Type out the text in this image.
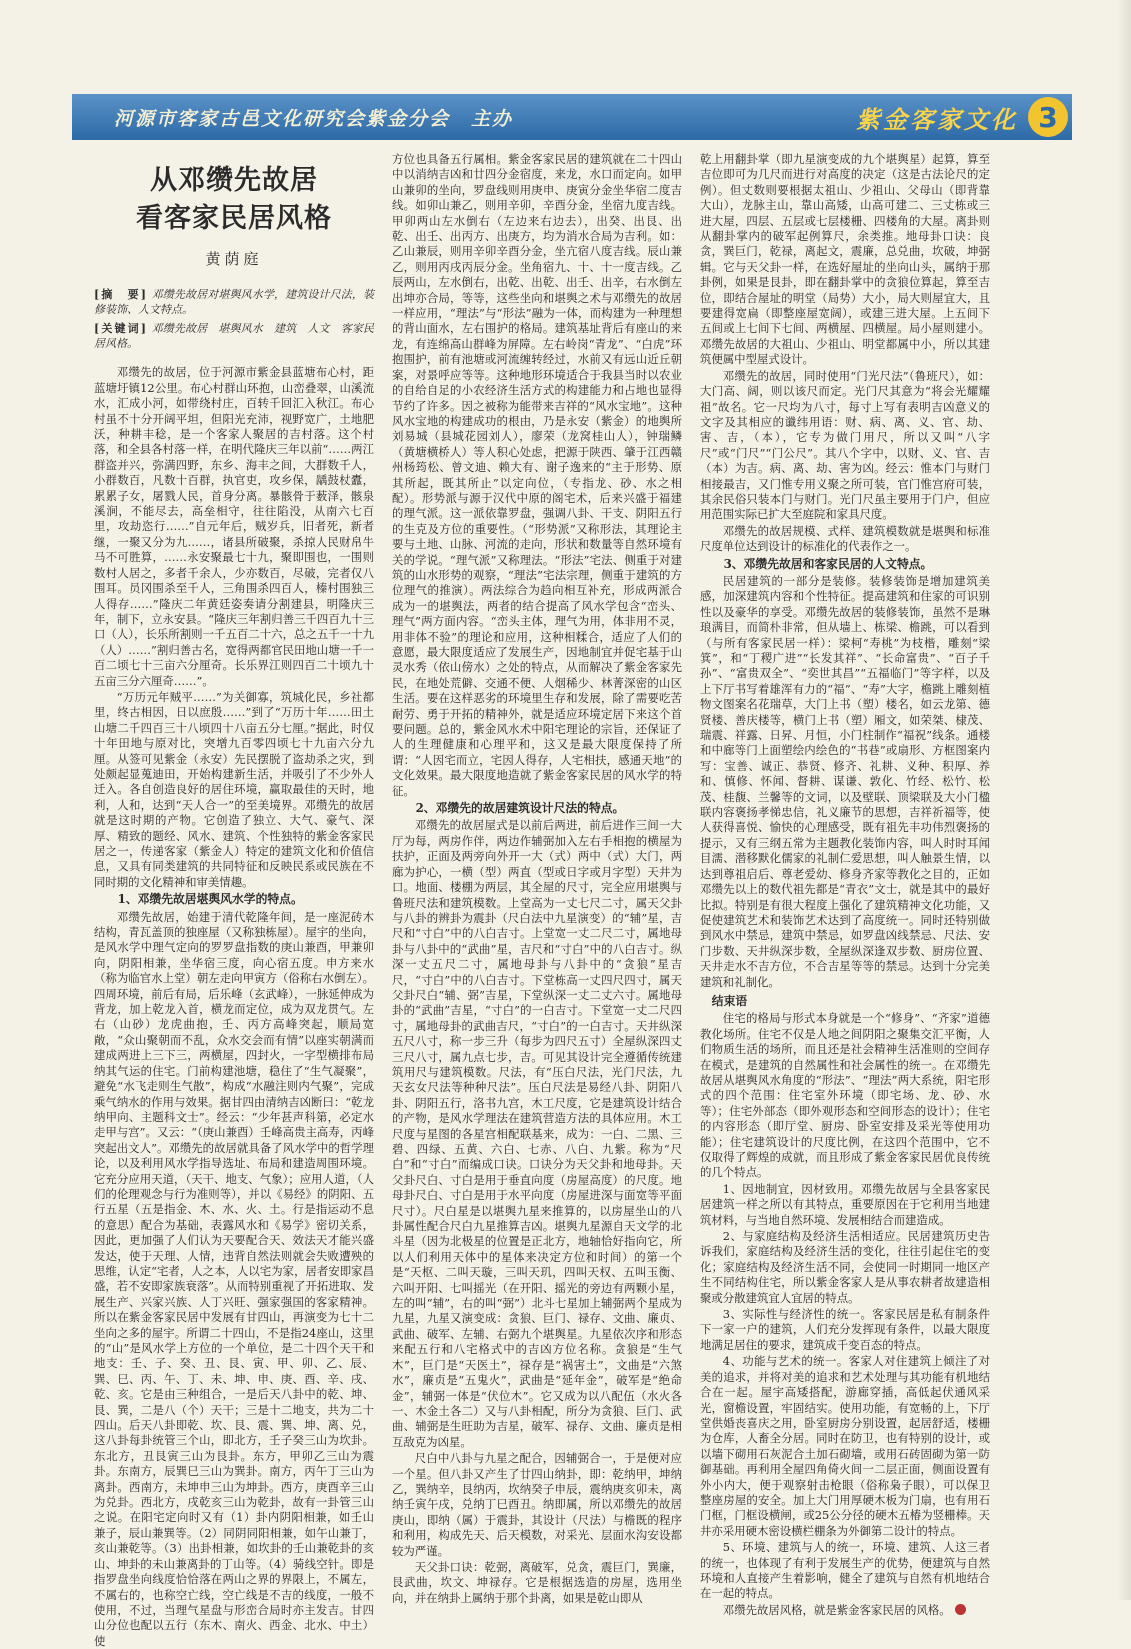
河源市客家古邑文化研究会紫金分会　主办	紫金客家文化 3
从邓缵先故居
看客家民居风格
黄荫庭
[摘　要] 邓缵先故居对堪舆风水学，建筑设计尺法，装修装饰、人文特点。
[关键词] 邓缵先故居　堪舆风水　建筑　人文　客家民居风格。

邓缵先的故居，位于河源市紫金县蓝塘布心村，距蓝塘圩镇12公里。布心村群山环抱，山峦叠翠，山溪流水，汇成小河，如带绕村庄，百转千回汇入秋江。布心村虽不十分开阔平坦，但阳光充沛，视野宽广，土地肥沃，种耕丰稔，是一个客家人聚居的吉村落。这个村落，和全县各村落一样，在明代隆庆三年以前“……两江群盗并兴，弥满四野，东乡、海丰之间，大群数千人，小群数百，凡数十百群，执官吏，攻乡保，龋鼓杖蠹，累累子女，屠戮人民，首身分离。暴骸骨于薮泽，骸泉溪涧，不能尽去，高垒相守，往往陷没，从南六七百里，攻劫恣行……”自元年后，贼岁兵，旧者死，新者继，一聚又分为九……，诸县所破聚，杀掠人民财帛牛马不可胜算，……永安聚最七十九，聚即围也，一围则数村人居之，多者千余人，少亦数百，尽破，完者仅八围耳。员冈围杀至千人，三角围杀四百人，榛村围独三人得存……”隆庆二年黄廷姿奏请分割建县，明隆庆三年，制下，立永安县。“隆庆三年割归善三千四百九十三口（人），长乐所割则一千五百二十六，总之五千一十九（人）……”割归善古名，宽得两都官民田地山塘一千一百二顷七十三亩六分厘奇。长乐界江则四百二十顷九十五亩三分六厘奇……”。

“万历元年贼平……”为关御寡，筑城化民，乡社都里，终古相因，日以庶殷……”到了“万历十年……田土山塘二千四百三十八顷四十八亩五分七厘。”据此，时仅十年田地与原对比，突增九百零四顷七十九亩六分九厘。从签可见紫金（永安）先民摆脱了盗劫杀之灾，到处颇起显蒐迪田，开始构建新生活，并吸引了不少外人迁入。各自创造良好的居住环境，赢取最佳的天时，地利，人和，达到“天人合一”的至美境界。邓缵先的故居就是这时期的产物。它创造了独立、大气、豪气、深厚、精致的题经、风水、建筑、个性独特的紫金客家民居之一，传递客家（紫金人）特定的建筑文化和价值信息，又具有同类建筑的共同特征和反映民系或民族在不同时期的文化精神和审美情趣。

1、邓缵先故居堪舆风水学的特点。

邓缵先故居，始建于清代乾隆年间，是一座泥砖木结构，青瓦盖顶的独座屋（又称独栋屋）。屋宇的坐向，是风水学中理气定向的罗罗盘指数的庚山兼酉，甲兼卯向，阴阳相兼，坐华宿三度，向心宿五度。申方来水（称为临官水上堂）朝左走向甲寅方（俗称右水倒左）。四周环境，前后有局，后乐峰（玄武峰），一脉延伸成为背龙，加上乾龙入首，横龙而定位，成为双龙贯气。左右（山砂）龙虎曲抱，壬、丙方高峰突起，顺局宽敞，“众山聚朝而不乱，众水交会而有情”以座实朝满而建成两进上三下三，两横屋，四封火，一字型横排布局纳其气运的住宅。门前构建池塘，稳住了“生气凝聚”，避免“水飞走则生气散”，构成“水融注则内气聚”，完成乘气纳水的作用与效果。据甘四由清纳吉凶断曰：“乾龙纳甲向、主题科文士”。经云：“少年甚声科第，必定水走甲与宫”。又云：“（庚山兼酉）壬峰高贵主高寿，丙峰突起出文人”。邓缵先的故居就具备了风水学中的哲学理论，以及利用风水学指导选址、布局和建造周围环境。它充分应用天道，（天干、地支、气象）；应用人道，（人们的伦理观念与行为准则等），并以《易经》的阴阳、五行五星（五是指金、木、水、火、土。行是指运动不息的意思）配合为基础，表露风水和《易学》密切关系，因此，更加强了人们认为天要配合天、效法天才能兴盛发达，使于天理、人情，违背自然法则就会失败遭殃的思维，认定“宅者，人之本，人以宅为家，居者安即家昌盛，若不安即家族衰落”。从而特别重视了开拓进取、发展生产、兴家兴族、人丁兴旺、强家强国的客家精神。所以在紫金客家民居中发展有甘四山，再演变为七十二坐向之多的屋宇。所谓二十四山，不是指24座山，这里的“山”是风水学上方位的一个单位，是二十四个天干和地支：壬、子、癸、丑、艮、寅、甲、卯、乙、辰、巽、巳、丙、午、丁、未、坤、申、庚、酉、辛、戌、乾、亥。它是由三种组合，一是后天八卦中的乾、坤、艮、巽，二是八（个）天干；三是十二地支，共为二十四山。后天八卦即乾、坎、艮、震、巽、坤、离、兑，这八卦每卦统管三个山，即北方，壬子癸三山为坎卦。东北方，丑艮寅三山为艮卦。东方，甲卯乙三山为震卦。东南方，辰巽巳三山为巽卦。南方，丙午丁三山为离卦。西南方，未坤申三山为坤卦。西方，庚酉辛三山为兑卦。西北方，戌乾亥三山为乾卦，故有一卦管三山之说。在阳宅定向时又有（1）卦内阴阳相兼，如壬山兼子，辰山兼巽等。（2）同阴同阳相兼，如午山兼丁，亥山兼乾等。（3）出卦相兼，如坎卦的壬山兼乾卦的亥山、坤卦的未山兼离卦的丁山等。（4）骑线空针。即是指罗盘坐向线度恰恰落在两山之界的界限上，不属左，不属右的，也称空亡线，空亡线是不吉的线度，一般不使用，不过，当理气星盘与形峦合局时亦主发吉。甘四山分位也配以五行（东木、南火、西金、北水、中土）使

方位也具备五行属相。紫金客家民居的建筑就在二十四山中以消纳吉凶和廿四分金宿度，来龙，水口而定向。如甲山兼卯的坐向，罗盘线则用庚申、庚寅分金坐华宿二度吉线。如卯山兼乙，则用辛卯，辛酉分金，坐宿九度吉线。甲卯两山左水倒右（左边来右边去），出癸、出艮、出乾、出壬、出丙方、出庚方，均为消水合局为吉利。如：乙山兼辰，则用辛卯辛酉分金，坐亢宿八度吉线。辰山兼乙，则用丙戌丙辰分金。坐角宿九、十、十一度吉线。乙辰两山，左水倒右，出乾、出乾、出壬、出辛，右水倒左出坤亦合局，等等，这些坐向和堪舆之术与邓缵先的故居一样应用，“理法”与“形法”融为一体，而构建为一种理想的背山面水，左右围护的格局。建筑基址背后有座山的来龙，有连绵高山群峰为屏障。左右岭岗“青龙”、“白虎”环抱围护，前有池塘或河流缠转经过，水前又有远山近丘朝案，对景呼应等等。这种地形环境适合于我县当时以农业的自给自足的小农经济生活方式的构建能力和占地也显得节约了许多。因之被称为能带来吉祥的“风水宝地”。这种风水宝地的构建成功的根由，乃是永安（紫金）的地舆所刘易城（县城花园刘人），廖荣（龙窝桂山人），钟瑞鳞（黄塘横桥人）等人积心处虑，把源于陕西、肇于江西赣州杨筠松、曾文迪、赖大有、谢子逸来的“主于形势、原其所起，既其所止”以定向位，（专指龙、砂、水之相配）。形势派与源于汉代中原的阁宅术，后来兴盛于福建的理气派。这一派依靠罗盘，强调八卦、干支、阴阳五行的生克及方位的重要性。（“形势派”又称形法，其理论主要与土地、山脉、河流的走向，形状和数量等自然环境有关的学说。“理气派”又称理法。“形法”宅法、侧重于对建筑的山水形势的观察，“理法”宅法宗理，侧重于建筑的方位理气的推演）。两法综合为趋向相互补充，形成两派合成为一的堪舆法，两者的结合提高了风水学包含“峦头、理气”两方面内容。“峦头主体，理气为用，体非用不灵，用非体不验”的理论和应用，这种相糅合，适应了人们的意愿，最大限度适应了发展生产，因地制宜并促宅基于山灵水秀（依山傍水）之处的特点，从而解决了紫金客家先民，在地处荒僻、交通不便、人烟稀少、林菁深密的山区生活。要在这样恶劣的环境里生存和发展，除了需要吃苦耐劳、勇于开拓的精神外，就是适应环境定居下来这个首要问题。总的，紫金风水术中阳宅理论的宗旨，还保证了人的生理健康和心理平和，这又是最大限度保持了所谓：“人因宅而立，宅因人得存，人宅相扶，感通天地”的文化效果。最大限度地造就了紫金客家民居的风水学的特征。

2、邓缵先的故居建筑设计尺法的特点。

邓缵先的故居屋式是以前后两进，前后进作三间一大厅为每，两房作伴，两边作辅弼加入左右手相抱的横屋为扶护，正面及两旁向外开一大（式）两中（式）大门，两廊为护心，一横（型）两直（型或日字或月字型）天井为口。地面、楼棚为两层，其全屋的尺寸，完全应用堪舆与鲁班尺法和建筑模数。上堂高为一丈七尺二寸，属天父卦与八卦的辨卦为震卦（尺白法中九星演变）的“辅”星，吉尺和“寸白”中的八白吉寸。上堂宽一丈二尺二寸，属地母卦与八卦中的“武曲”星，吉尺和“寸白”中的八白吉寸。纵深一丈五尺二寸，属地母卦与八卦中的“贪狼”星吉尺，“寸白”中的八白吉寸。下堂栋高一丈四尺四寸，属天父卦尺白“辅、弼”吉星，下堂纵深一丈二丈六寸。属地母卦的“武曲”吉星，“寸白”的一白吉寸。下堂宽一丈二尺四寸，属地母卦的武曲吉尺，“寸白”的一白吉寸。天井纵深五尺八寸，称一步三升（每步为四尺五寸）全屋纵深四丈三尺八寸，属九点七步，吉。可见其设计完全遵循传统建筑用尺与建筑模数。尺法，有“压白尺法，光门尺法，九天玄女尺法等种种尺法”。压白尺法是易经八卦、阴阳八卦、阴阳五行，洛书九宫，木工尺度，它是建筑设计结合的产物，是风水学理法在建筑营造方法的具体应用。木工尺度与星图的各星宫相配联基来，成为：一白、二黑、三碧、四绿、五黄、六白、七赤、八白、九紫。称为“尺白”和“寸白”而编成口诀。口诀分为天父卦和地母卦。天父卦尺白、寸白是用于垂直向度（房屋高度）的尺度。地母卦尺白、寸白是用于水平向度（房屋进深与面宽等平面尺寸）。尺白星是以堪舆九星来推算的，以房屋坐山的八卦属性配合尺白九星推算吉凶。堪舆九星源自天文学的北斗星（因为北极星的位置是正北方，地轴恰好指向它，所以人们利用天体中的星体来决定方位和时间）的第一个是“天枢、二叫天璇，三叫天玑，四叫天权、五叫玉衡、六叫开阳、七叫摇光（在开阳、摇光的旁边有两颗小星，左的叫“辅”，右的叫“弼”）北斗七星加上辅弼两个星成为九星，九星又演变成：贪狼、巨门、禄存、文曲、廉贞、武曲、破军、左辅、右弼九个堪舆星。九星依次序和形态来配五行和八宅格式中的吉凶方位名称。贪狼是“生气木”，巨门是“天医土”，禄存是“祸害土”，文曲是“六煞水”，廉贞是“五鬼火”，武曲是“延年金”，破军是“绝命金”，辅弼一体是“伏位木”。它又成为以八配伍（水火各一、木金土各二）又与八卦相配，所分为贪狼、巨门、武曲、辅弼是生旺助为吉星，破军、禄存、文曲、廉贞是相互敌克为凶星。

尺白中八卦与九星之配合，因辅弼合一，于是便对应一个星。但八卦又产生了廿四山纳卦，即：乾纳甲，坤纳乙，巽纳辛，艮纳丙，坎纳癸子申辰，震纳庚亥卯未，离纳壬寅午戌，兑纳丁巳酉丑。纳即属，所以邓缵先的故居庚山，即纳（属）于震卦，其设计（尺法）与檐既的程序和利用，构成先天、后天模数，对采光、层面水沟安设都较为严谨。

天父卦口诀：乾弼，离破军，兑贪，震巨门，巽廉，艮武曲，坎文、坤禄存。它是根据选造的房屋，选用坐向，并在纳卦上属纳于那个卦离，如果是乾山即从

乾上用翻卦掌（即九星演变成的九个堪舆星）起算，算至吉位即可为几尺而进行对高度的决定（这是古法论尺的定例）。但丈数则要根据太祖山、少祖山、父母山（即背靠大山），龙脉主山，靠山高矮，山高可建二、三丈栋或三进大屋，四层、五层或七层楼栅、四楼角的大屋。离卦则从翻卦掌内的破军起例算尺，余类推。地母卦口诀：良贪，巽巨门，乾禄，离起文，震廉，总兑曲，坎破，坤弼辑。它与天父卦一样，在选好屋址的坐向山头，属纳于那卦例，如果是艮卦，即在翻卦掌中的贪狼位算起，算至吉位，即结合屋址的明堂（局势）大小，局大则屋宜大，且要建得宽扁（即整座屋宽阔），或建三进大屋。上五间下五间或上七间下七间、两横屋、四横屋。局小屋则建小。邓缵先故居的大祖山、少祖山、明堂都属中小，所以其建筑便属中型屋式设计。

邓缵先的故居，同时使用“门光尺法”（鲁班尺），如：大门高、阔，则以该尺而定。光门尺其意为“将会光耀耀祖”故名。它一尺均为八寸，每寸上写有表明吉凶意义的文字及其相应的谶纬用语：财、病、离、义、官、劫、害、吉，（本），它专为做门用尺，所以又叫“八字尺”或“门尺”“门公尺”。其八个字中，以财、义、官、吉（本）为吉。病、离、劫、害为凶。经云：惟本门与财门相接最吉，又门惟专用义聚之所可装，官门惟宫府可装，其余民俗只装本门与财门。光门尺虽主要用于门户，但应用范围实际已扩大至庭院和家具尺度。

邓缵先的故居规模、式样、建筑模数就是堪舆和标准尺度单位达到设计的标准化的代表作之一。

3、邓缵先故居和客家民居的人文特点。

民居建筑的一部分是装修。装修装饰是增加建筑美感，加深建筑内容和个性特征。提高建筑和住家的可识别性以及豪华的享受。邓缵先故居的装修装饰，虽然不是琳琅满目，而简朴非常，但从墙上、栋梁、檐跳，可以看到（与所有客家民居一样）：梁柯“寿桃”为枝楷，雕刻“梁箕”，和“丁稷广进”“长发其祥”、“长命富贵”、“百子千孙”、“富贵双全”、“奕世其昌”“五福临门”等字样，以及上下厅书写着雄浑有力的“福”、“寿”大字，檐跳上雕刻植物文图案名花瑞草，大门上书（塑）楼名，如云龙第、德贤楼、善庆楼等，横门上书（塑）厢文，如荣桀、棣茂、瑞震、祥露、日昇、月恒，小门柱制作“福祝”线条。通楼和中廊等门上面塑绘内绘色的“书巷”或扇形、方框图案内写：宝善、诚正、恭贤、修齐、礼耕、义种、积厚、养和、慎修、怀闻、督耕、谋谦、敦化、竹经、松竹、松茂、桂馥、兰馨等的文词，以及壁联、顶梁联及大小门楹联内容褒扬孝悌忠信，礼义廉节的思想，吉祥祈福等，使人获得喜悦、愉快的心理感受，既有祖先丰功伟烈褒扬的提示，又有三纲五常为主题教化装饰内容，叫人时时耳闻目濡、潜移默化儒家的礼制仁爱思想，叫人触景生情，以达到尊祖启后、尊老爱幼、修身齐家等教化之目的，正如邓缵先以上的数代祖先都是“青衣”文士，就是其中的最好比拟。特别是有很大程度上强化了建筑精神文化功能，又促使建筑艺术和装饰艺术达到了高度统一。同时还特别做到风水中禁忌，建筑中禁忌，如罗盘凶线禁忌、尺法、安门步数、天井纵深步数，全屋纵深逢双步数、厨房位置、天井走水不吉方位，不合吉星等等的禁忌。达到十分完美建筑和礼制化。

结束语

住宅的格局与形式本身就是一个“修身”、“齐家”道德教化场所。住宅不仅是人地之间阴阳之聚集交汇平衡，人们物质生活的场所，而且还是社会精神生活准则的空间存在模式，是建筑的自然属性和社会属性的统一。在邓缵先故居从堪舆风水角度的“形法”、“理法”两大系统，阳宅形式的四个范围：住宅室外环境（即宅场、龙、砂、水等）；住宅外部态（即外观形态和空间形态的设计）；住宅的内容形态（即厅堂、厨房、卧室安排及采光等使用功能）；住宅建筑设计的尺度比例，在这四个范围中，它不仅取得了辉煌的成就，而且形成了紫金客家民居优良传统的几个特点。

1、因地制宜，因材致用。邓缵先故居与全县客家民居建筑一样之所以有其特点，重要原因在于它利用当地建筑材料，与当地自然环境、发展相结合而建造成。

2、与家庭结构及经济生活相适应。民居建筑历史告诉我们，家庭结构及经济生活的变化，往往引起住宅的变化；家庭结构及经济生活不同，会使同一时期同一地区产生不同结构住宅，所以紫金客家人是从事农耕者故建造相聚或分散建筑宜人宜居的特点。

3、实际性与经济性的统一。客家民居是私有制条件下一家一户的建筑，人们充分发挥现有条件，以最大限度地满足居住的要求，建筑成千变百态的特点。

4、功能与艺术的统一。客家人对住建筑上倾注了对美的追求，并将对美的追求和艺术处理与其功能有机地结合在一起。屋宇高矮搭配，游廊穿插，高低起伏通风采光，窗檐设置，牢固结实。使用功能，有宽畅的上，下厅堂供婚丧喜庆之用，卧室厨房分别设置，起居舒适，楼栅为仓库，人畜全分居。同时在防卫，也有特别的设计，或以墙下砌用石灰泥合土加石砌墙，或用石砖固砌为第一防御基础。再利用全屋四角倚火间一二层正面，侧面设置有外小内大，便于观察射击枪眼（俗称枭子眼），可以保卫整座房屋的安全。加上大门用厚硬木板为门扇，也有用石门框，门框设横闸，或25公分径的硬木五椿为竖栅棒。天井亦采用硬木密设横栏棚条为外御第二设计的特点。

5、环境、建筑与人的统一，环境、建筑、人这三者的统一，也体现了有利于发展生产的优势，便建筑与自然环境和人直接产生着影响，健全了建筑与自然有机地结合在一起的特点。

邓缵先故居风格，就是紫金客家民居的风格。
